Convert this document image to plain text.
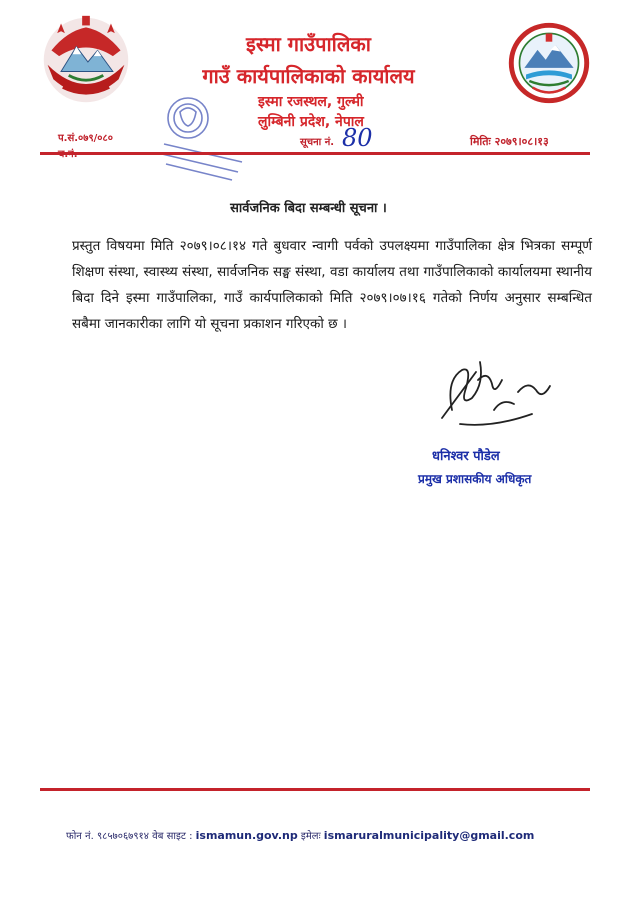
इस्मा गाउँपालिका
गाउँ कार्यपालिकाको कार्यालय
इस्मा रजस्थल, गुल्मी
लुम्बिनी प्रदेश, नेपाल
प.सं.०७९/०८०	सूचना नं. 80	मितिः २०७९।०८।१३
सार्वजनिक बिदा सम्बन्धी सूचना ।
प्रस्तुत विषयमा मिति २०७९।०८।१४ गते बुधवार न्वागी पर्वको उपलक्ष्यमा गाउँपालिका क्षेत्र भित्रका सम्पूर्ण शिक्षण संस्था, स्वास्थ्य संस्था, सार्वजनिक सङ्घ संस्था, वडा कार्यालय तथा गाउँपालिकाको कार्यालयमा स्थानीय बिदा दिने इस्मा गाउँपालिका, गाउँ कार्यपालिकाको मिति २०७९।०७।१६ गतेको निर्णय अनुसार सम्बन्धित सबैमा जानकारीका लागि यो सूचना प्रकाशन गरिएको छ ।
धनिश्वर पौडेल
प्रमुख प्रशासकीय अधिकृत
फोन नं. ९८५७०६७९१४ वेब साइट : ismamun.gov.np इमेलः ismaruralmunicipality@gmail.com
